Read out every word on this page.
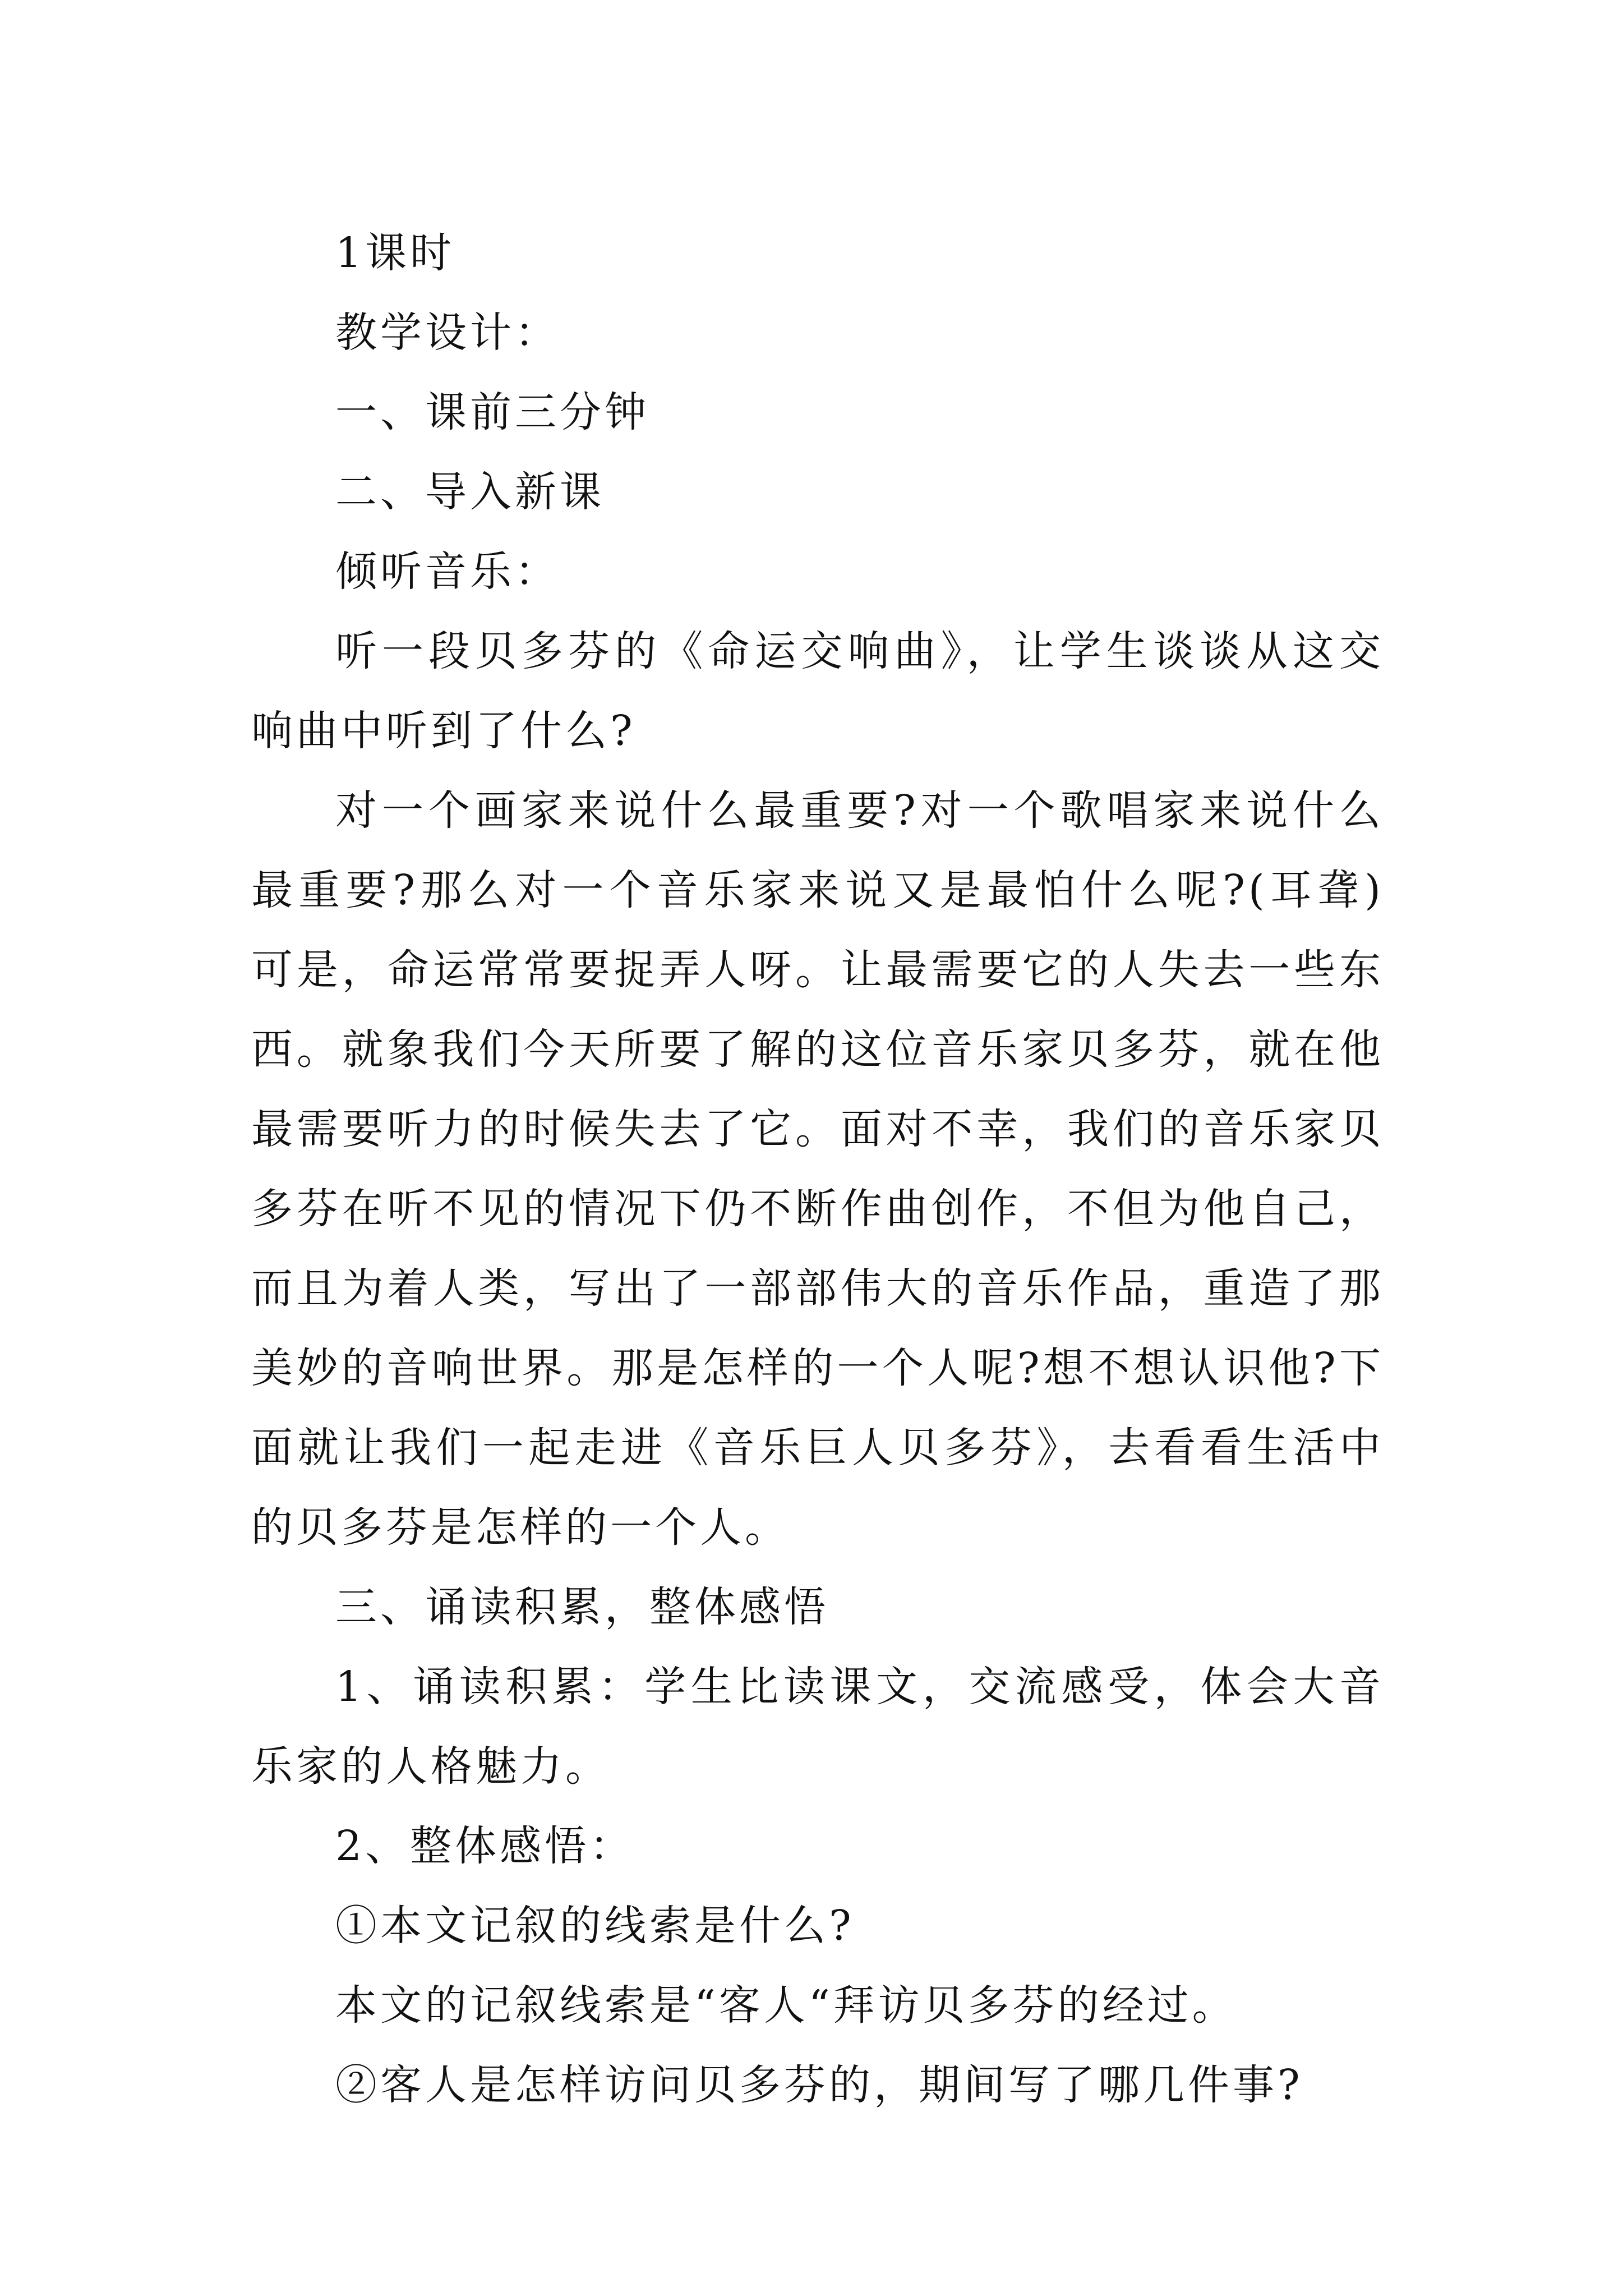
1课时

教学设计：

一、课前三分钟

二、导入新课

倾听音乐：

听一段贝多芬的《命运交响曲》，让学生谈谈从这交响曲中听到了什么?

对一个画家来说什么最重要?对一个歌唱家来说什么最重要?那么对一个音乐家来说又是最怕什么呢?(耳聋) 可是，命运常常要捉弄人呀。让最需要它的人失去一些东西。就象我们今天所要了解的这位音乐家贝多芬，就在他最需要听力的时候失去了它。面对不幸，我们的音乐家贝多芬在听不见的情况下仍不断作曲创作，不但为他自己，而且为着人类，写出了一部部伟大的音乐作品，重造了那美妙的音响世界。那是怎样的一个人呢?想不想认识他?下面就让我们一起走进《音乐巨人贝多芬》，去看看生活中的贝多芬是怎样的一个人。

三、诵读积累，整体感悟

1、诵读积累：学生比读课文，交流感受，体会大音乐家的人格魅力。

2、整体感悟：

①本文记叙的线索是什么?

本文的记叙线索是“客人“拜访贝多芬的经过。

②客人是怎样访问贝多芬的，期间写了哪几件事?
